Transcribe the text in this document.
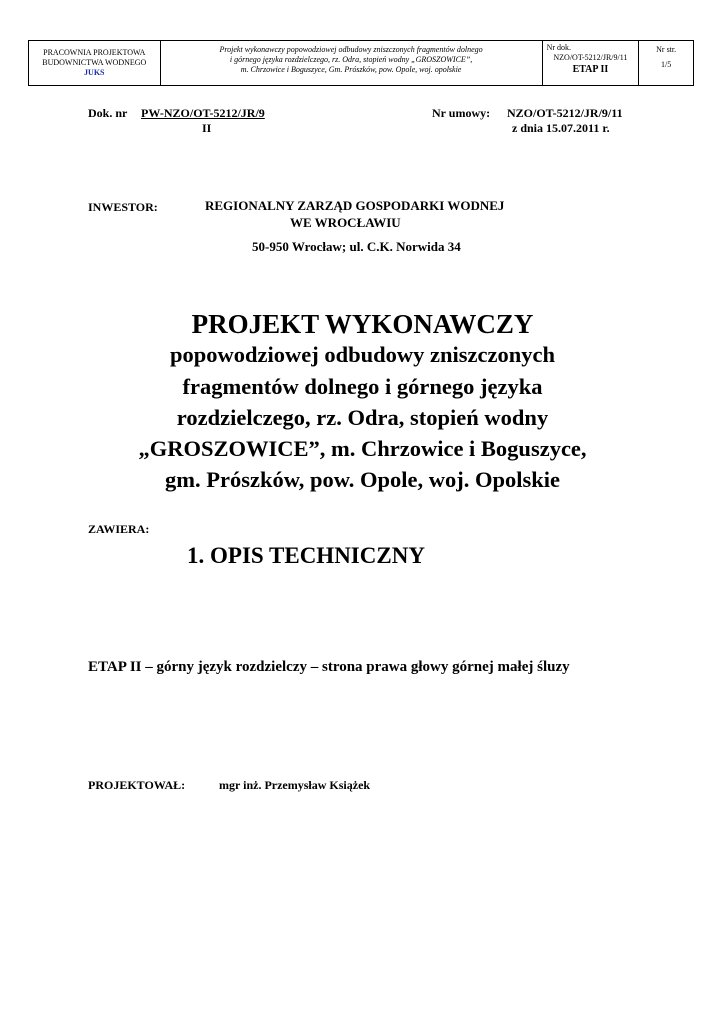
PRACOWNIA PROJEKTOWA
BUDOWNICTWA WODNEGO
JUKS

Projekt wykonawczy popowodziowej odbudowy zniszczonych fragmentów dolnego
i górnego języka rozdzielczego, rz. Odra, stopień wodny „GROSZOWICE”,
m. Chrzowice i Boguszyce, Gm. Prószków, pow. Opole, woj. opolskie

Nr dok.
NZO/OT-5212/JR/9/11
ETAP II

Nr str.
1/5
Dok. nr PW-NZO/OT-5212/JR/9
II
Nr umowy: NZO/OT-5212/JR/9/11
z dnia 15.07.2011 r.
INWESTOR:	REGIONALNY ZARZĄD GOSPODARKI WODNEJ
WE WROCŁAWIU
50-950 Wrocław; ul. C.K. Norwida 34
PROJEKT WYKONAWCZY
popowodziowej odbudowy zniszczonych
fragmentów dolnego i górnego języka
rozdzielczego, rz. Odra, stopień wodny
„GROSZOWICE”, m. Chrzowice i Boguszyce,
gm. Prószków, pow. Opole, woj. Opolskie
ZAWIERA:
1. OPIS TECHNICZNY
ETAP II – górny język rozdzielczy – strona prawa głowy górnej małej śluzy
PROJEKTOWAŁ:	mgr inż. Przemysław Książek
